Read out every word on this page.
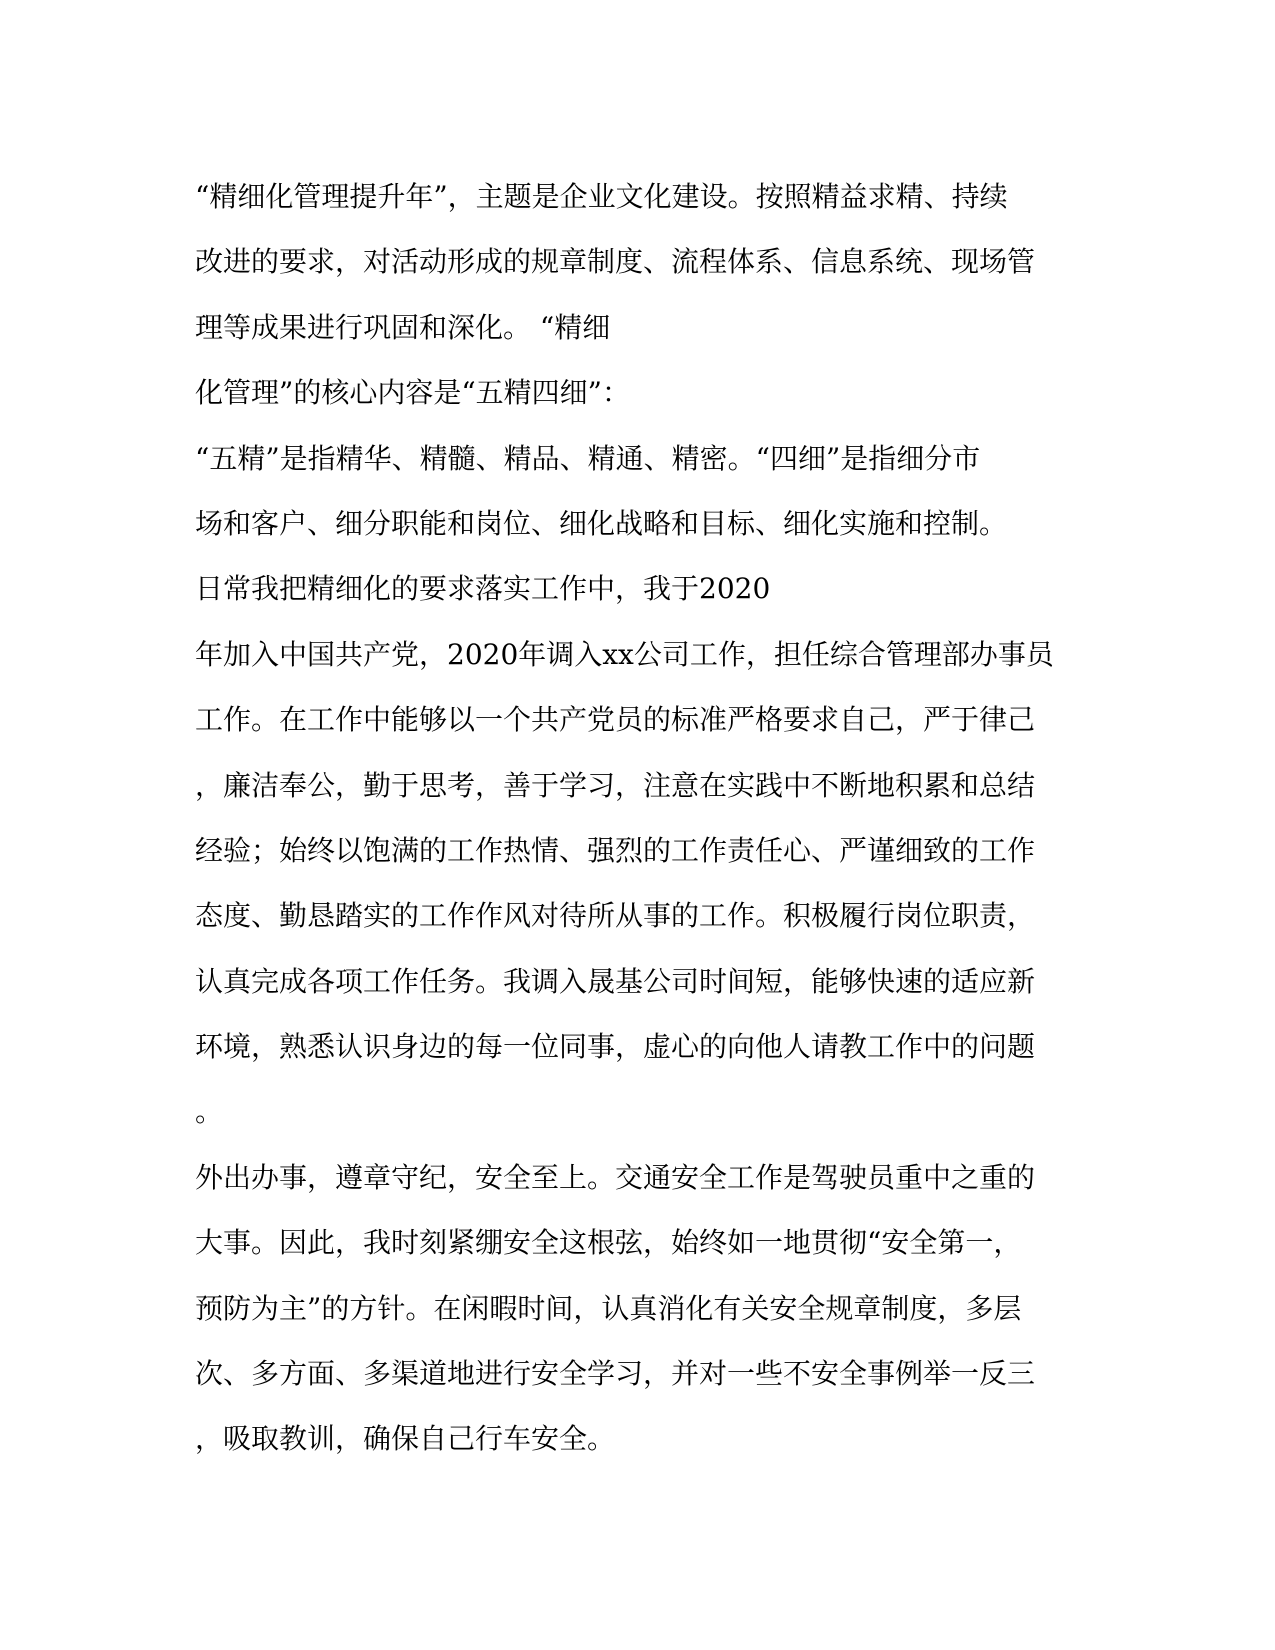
“精细化管理提升年”，主题是企业文化建设。按照精益求精、持续
改进的要求，对活动形成的规章制度、流程体系、信息系统、现场管
理等成果进行巩固和深化。 “精细
化管理”的核心内容是“五精四细”：
“五精”是指精华、精髓、精品、精通、精密。“四细”是指细分市
场和客户、细分职能和岗位、细化战略和目标、细化实施和控制。
日常我把精细化的要求落实工作中，我于2020
年加入中国共产党，2020年调入xx公司工作，担任综合管理部办事员
工作。在工作中能够以一个共产党员的标准严格要求自己，严于律己
，廉洁奉公，勤于思考，善于学习，注意在实践中不断地积累和总结
经验；始终以饱满的工作热情、强烈的工作责任心、严谨细致的工作
态度、勤恳踏实的工作作风对待所从事的工作。积极履行岗位职责，
认真完成各项工作任务。我调入晟基公司时间短，能够快速的适应新
环境，熟悉认识身边的每一位同事，虚心的向他人请教工作中的问题
。
外出办事，遵章守纪，安全至上。交通安全工作是驾驶员重中之重的
大事。因此，我时刻紧绷安全这根弦，始终如一地贯彻“安全第一，
预防为主”的方针。在闲暇时间，认真消化有关安全规章制度，多层
次、多方面、多渠道地进行安全学习，并对一些不安全事例举一反三
，吸取教训，确保自己行车安全。
